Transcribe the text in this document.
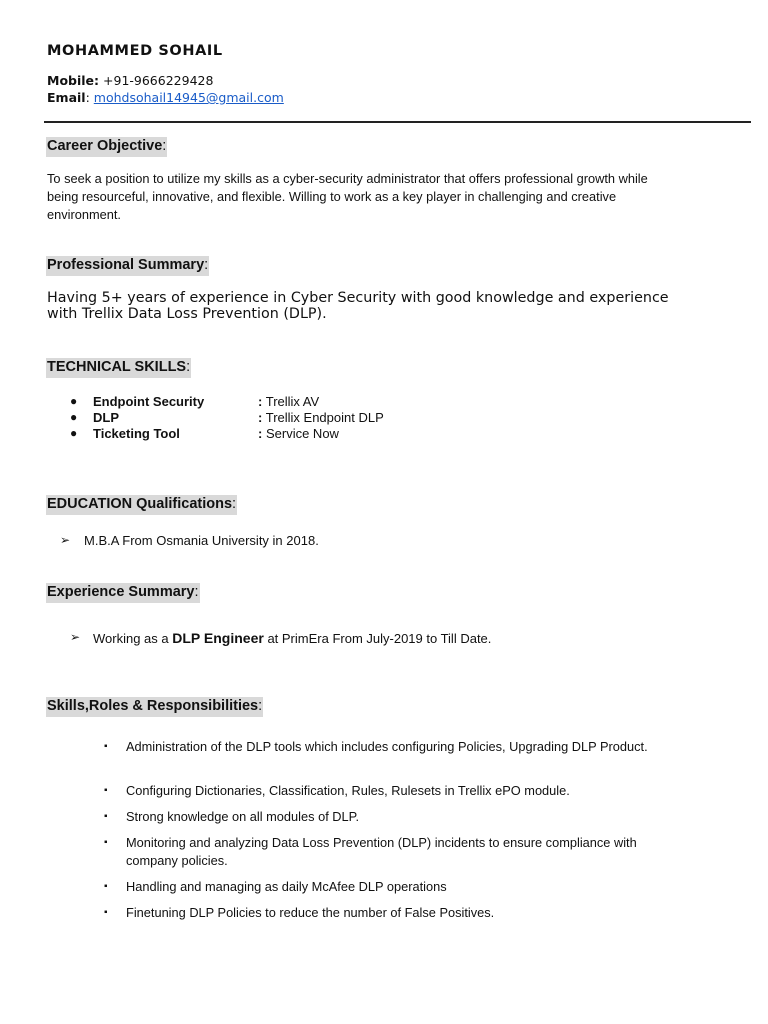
MOHAMMED SOHAIL
Mobile: +91-9666229428
Email: mohdsohail14945@gmail.com
Career Objective:
To seek a position to utilize my skills as a cyber-security administrator that offers professional growth while being resourceful, innovative, and flexible. Willing to work as a key player in challenging and creative environment.
Professional Summary:
Having 5+ years of experience in Cyber Security with good knowledge and experience with Trellix Data Loss Prevention (DLP).
TECHNICAL SKILLS:
● Endpoint Security	: Trellix AV
● DLP	: Trellix Endpoint DLP
● Ticketing Tool	: Service Now
EDUCATION Qualifications:
➢ M.B.A From Osmania University in 2018.
Experience Summary:
➢ Working as a DLP Engineer at PrimEra From July-2019 to Till Date.
Skills,Roles & Responsibilities:
▪ Administration of the DLP tools which includes configuring Policies, Upgrading DLP Product.
▪ Configuring Dictionaries, Classification, Rules, Rulesets in Trellix ePO module.
▪ Strong knowledge on all modules of DLP.
▪ Monitoring and analyzing Data Loss Prevention (DLP) incidents to ensure compliance with company policies.
▪ Handling and managing as daily McAfee DLP operations
▪ Finetuning DLP Policies to reduce the number of False Positives.
